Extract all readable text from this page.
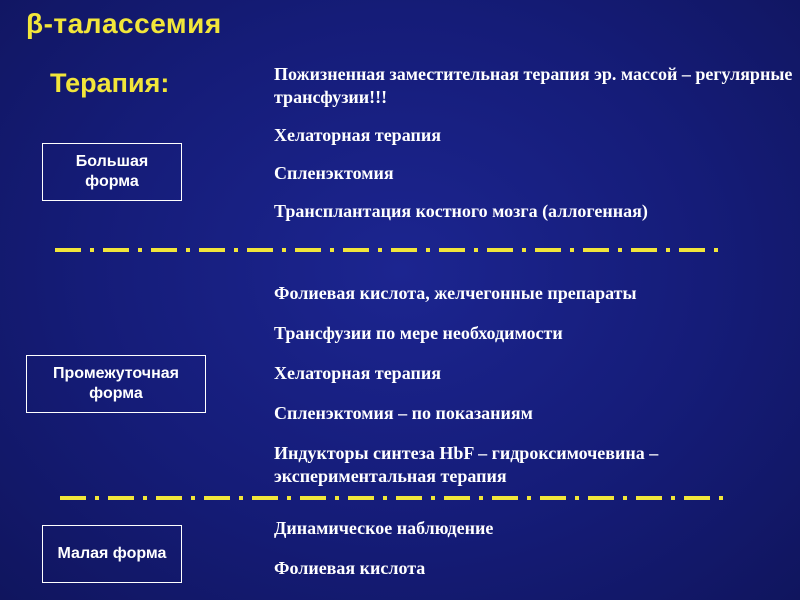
β-талассемия
Терапия:
Большая форма
Промежуточная форма
Малая форма
Пожизненная заместительная терапия эр. массой – регулярные трансфузии!!!
Хелаторная терапия
Спленэктомия
Трансплантация костного мозга (аллогенная)
Фолиевая кислота, желчегонные препараты
Трансфузии по мере необходимости
Хелаторная терапия
Спленэктомия – по показаниям
Индукторы синтеза HbF – гидроксимочевина – экспериментальная терапия
Динамическое наблюдение
Фолиевая кислота
